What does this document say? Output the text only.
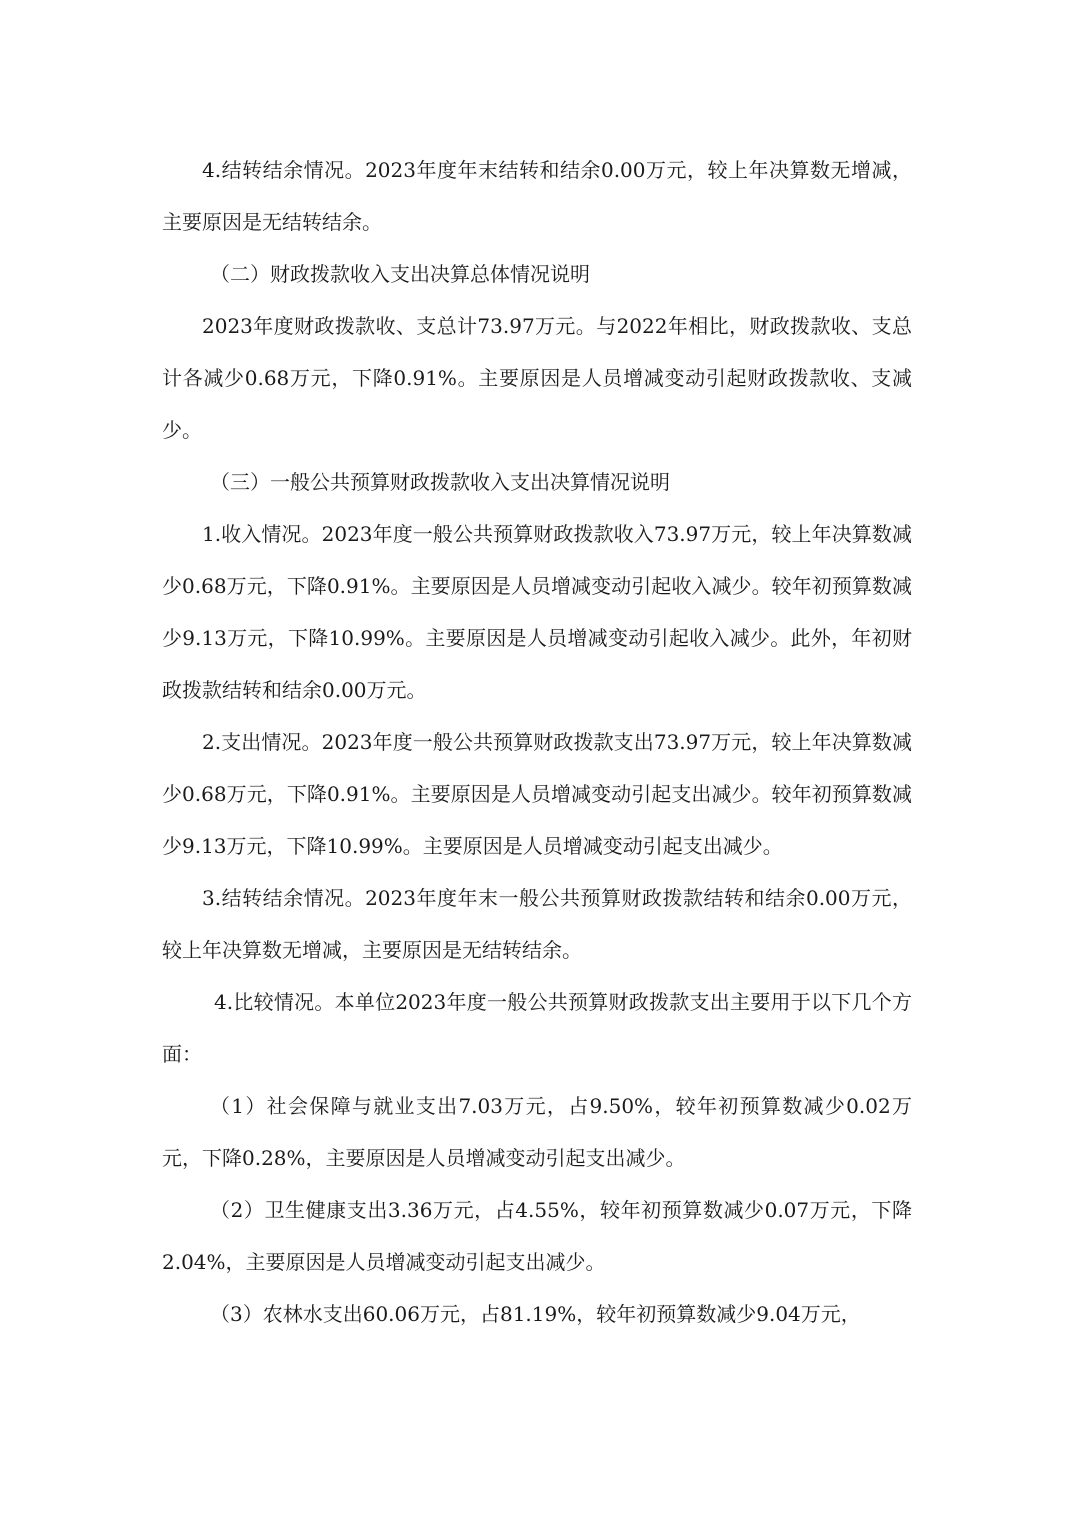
4.结转结余情况。2023年度年末结转和结余0.00万元，较上年决算数无增减，主要原因是无结转结余。

（二）财政拨款收入支出决算总体情况说明

2023年度财政拨款收、支总计73.97万元。与2022年相比，财政拨款收、支总计各减少0.68万元，下降0.91%。主要原因是人员增减变动引起财政拨款收、支减少。

（三）一般公共预算财政拨款收入支出决算情况说明

1.收入情况。2023年度一般公共预算财政拨款收入73.97万元，较上年决算数减少0.68万元，下降0.91%。主要原因是人员增减变动引起收入减少。较年初预算数减少9.13万元，下降10.99%。主要原因是人员增减变动引起收入减少。此外，年初财政拨款结转和结余0.00万元。

2.支出情况。2023年度一般公共预算财政拨款支出73.97万元，较上年决算数减少0.68万元，下降0.91%。主要原因是人员增减变动引起支出减少。较年初预算数减少9.13万元，下降10.99%。主要原因是人员增减变动引起支出减少。

3.结转结余情况。2023年度年末一般公共预算财政拨款结转和结余0.00万元，较上年决算数无增减，主要原因是无结转结余。

4.比较情况。本单位2023年度一般公共预算财政拨款支出主要用于以下几个方面：

（1）社会保障与就业支出7.03万元，占9.50%，较年初预算数减少0.02万元，下降0.28%，主要原因是人员增减变动引起支出减少。

（2）卫生健康支出3.36万元，占4.55%，较年初预算数减少0.07万元，下降2.04%，主要原因是人员增减变动引起支出减少。

（3）农林水支出60.06万元，占81.19%，较年初预算数减少9.04万元，
